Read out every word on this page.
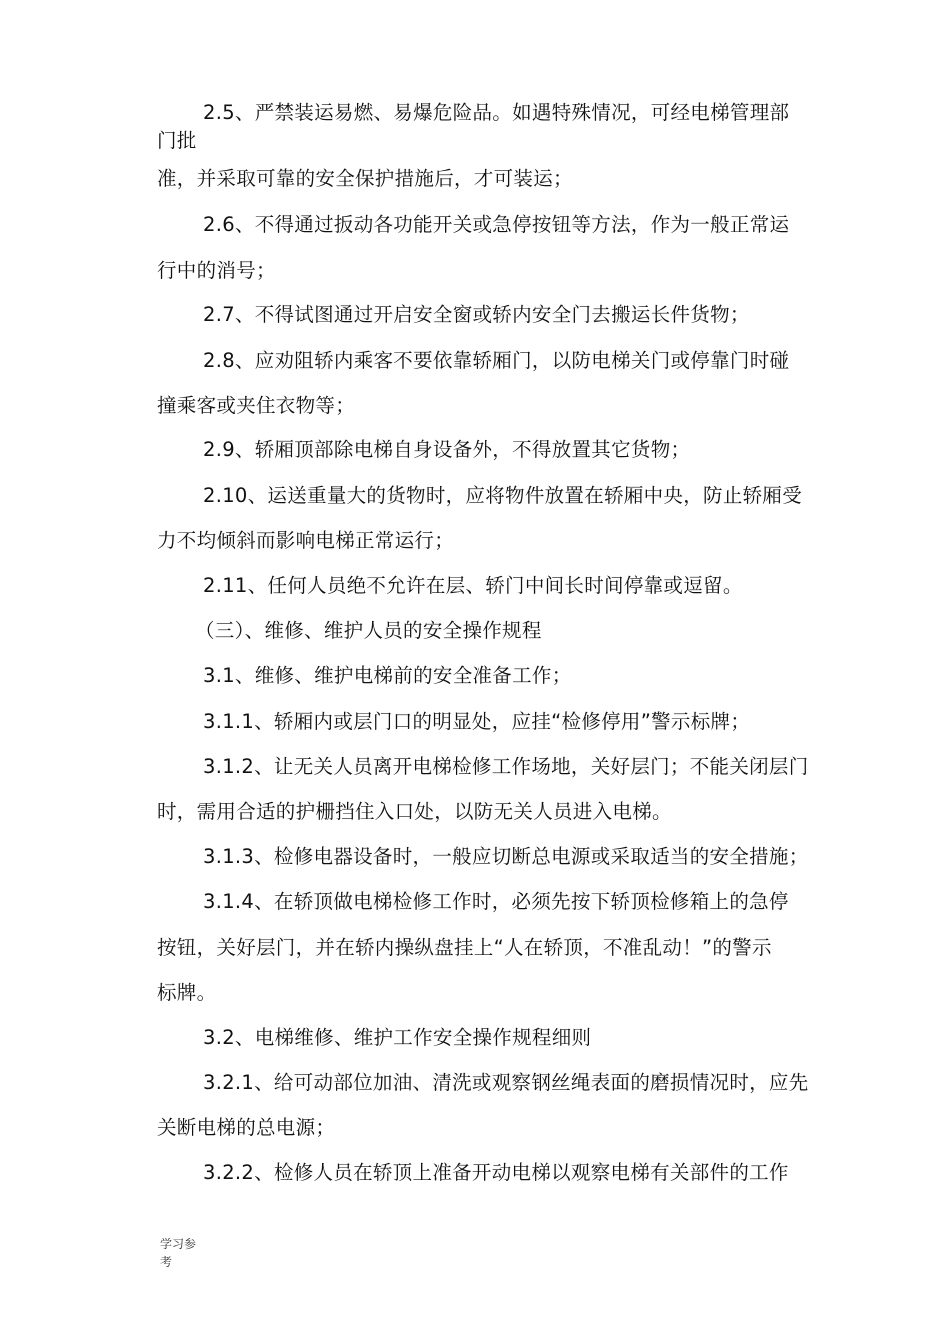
2.5、严禁装运易燃、易爆危险品。如遇特殊情况，可经电梯管理部

门批

准，并采取可靠的安全保护措施后，才可装运；

2.6、不得通过扳动各功能开关或急停按钮等方法，作为一般正常运

行中的消号；

2.7、不得试图通过开启安全窗或轿内安全门去搬运长件货物；

2.8、应劝阻轿内乘客不要依靠轿厢门，以防电梯关门或停靠门时碰

撞乘客或夹住衣物等；

2.9、轿厢顶部除电梯自身设备外，不得放置其它货物；

2.10、运送重量大的货物时，应将物件放置在轿厢中央，防止轿厢受

力不均倾斜而影响电梯正常运行；

2.11、任何人员绝不允许在层、轿门中间长时间停靠或逗留。

（三）、维修、维护人员的安全操作规程

3.1、维修、维护电梯前的安全准备工作；

3.1.1、轿厢内或层门口的明显处，应挂“检修停用”警示标牌；

3.1.2、让无关人员离开电梯检修工作场地，关好层门；不能关闭层门

时，需用合适的护栅挡住入口处，以防无关人员进入电梯。

3.1.3、检修电器设备时，一般应切断总电源或采取适当的安全措施；

3.1.4、在轿顶做电梯检修工作时，必须先按下轿顶检修箱上的急停

按钮，关好层门，并在轿内操纵盘挂上“人在轿顶，不准乱动！”的警示

标牌。

3.2、电梯维修、维护工作安全操作规程细则

3.2.1、给可动部位加油、清洗或观察钢丝绳表面的磨损情况时，应先

关断电梯的总电源；

3.2.2、检修人员在轿顶上准备开动电梯以观察电梯有关部件的工作

学习参
考
